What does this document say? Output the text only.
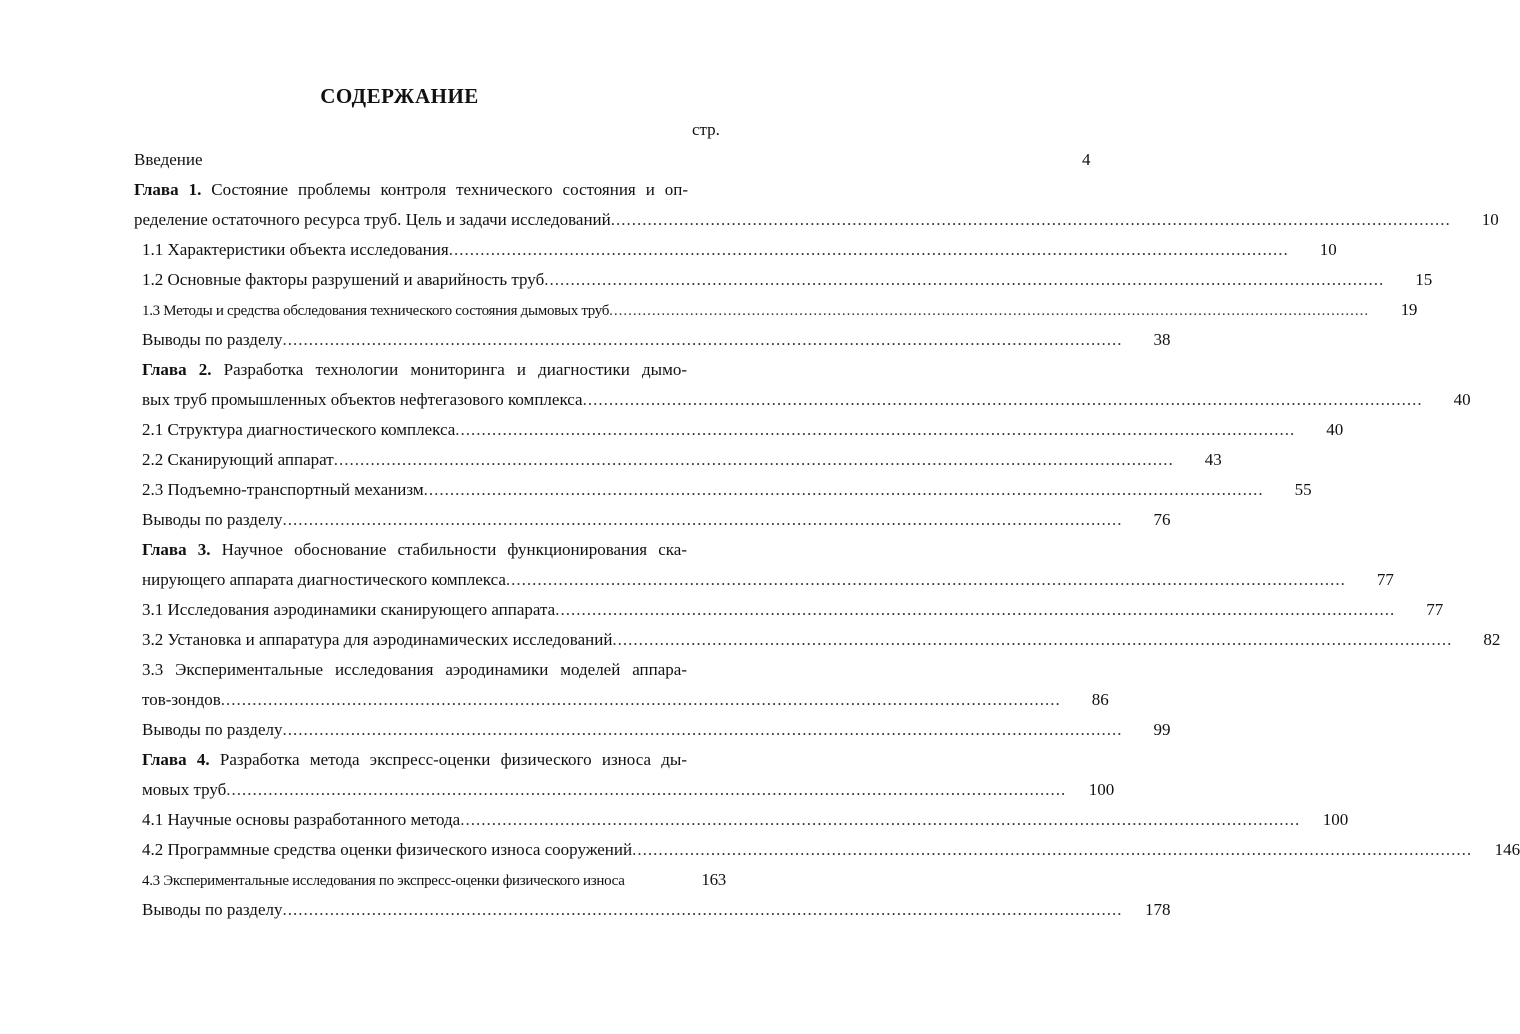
СОДЕРЖАНИЕ
стр.
Введение	4
Глава 1. Состояние проблемы контроля технического состояния и оп-
ределение остаточного ресурса труб. Цель и задачи исследований .....	10
1.1 Характеристики объекта исследования .....	10
1.2 Основные факторы разрушений и аварийность труб .....	15
1.3 Методы и средства обследования технического состояния дымовых труб .....	19
Выводы по разделу .....	38
Глава 2. Разработка технологии мониторинга и диагностики дымо-
вых труб промышленных объектов нефтегазового комплекса .....	40
2.1 Структура диагностического комплекса .....	40
2.2 Сканирующий аппарат .....	43
2.3 Подъемно-транспортный механизм .....	55
Выводы по разделу .....	76
Глава 3. Научное обоснование стабильности функционирования ска-
нирующего аппарата диагностического комплекса .....	77
3.1 Исследования аэродинамики сканирующего аппарата .....	77
3.2 Установка и аппаратура для аэродинамических исследований .....	82
3.3 Экспериментальные исследования аэродинамики моделей аппара-
тов-зондов .....	86
Выводы по разделу .....	99
Глава 4. Разработка метода экспресс-оценки физического износа ды-
мовых труб .....	100
4.1 Научные основы разработанного метода .....	100
4.2 Программные средства оценки физического износа сооружений .....	146
4.3 Экспериментальные исследования по экспресс-оценки физического износа	163
Выводы по разделу .....	178
